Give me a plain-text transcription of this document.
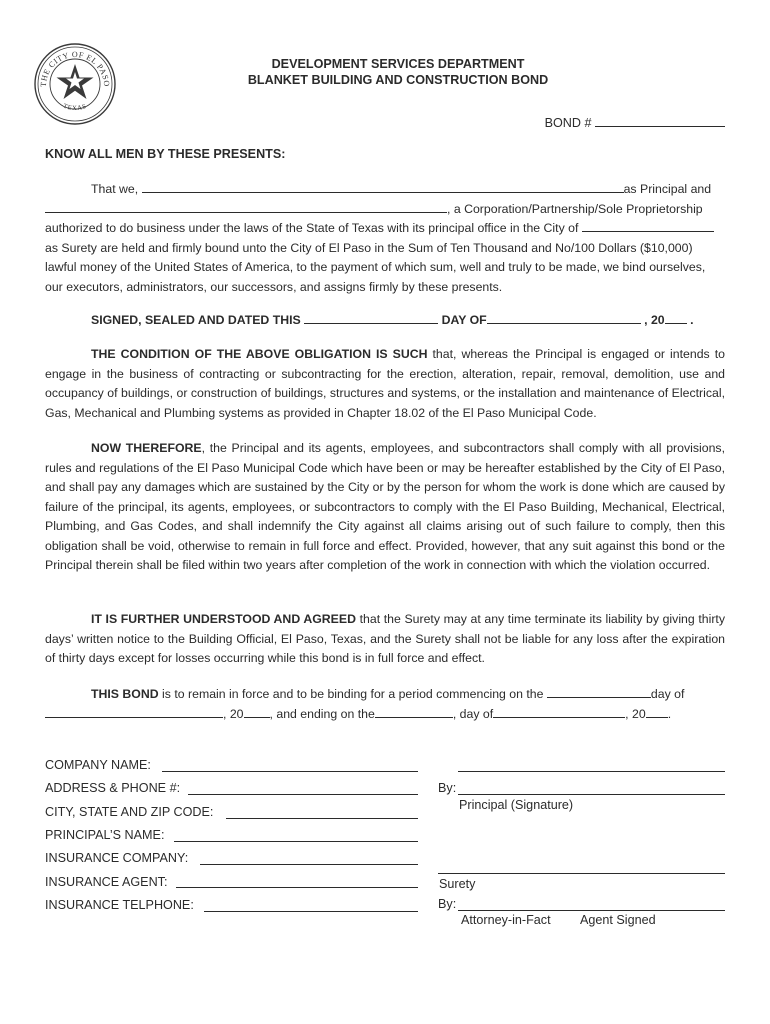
THE CITY OF EL PASO
TEXAS
DEVELOPMENT SERVICES DEPARTMENT
BLANKET BUILDING AND CONSTRUCTION BOND
BOND #
KNOW ALL MEN BY THESE PRESENTS:
That we,	as Principal and
, a Corporation/Partnership/Sole Proprietorship
authorized to do business under the laws of the State of Texas with its principal office in the City of
as Surety are held and firmly bound unto the City of El Paso in the Sum of Ten Thousand and No/100 Dollars ($10,000)
lawful money of the United States of America, to the payment of which sum, well and truly to be made, we bind ourselves,
our executors, administrators, our successors, and assigns firmly by these presents.
SIGNED, SEALED AND DATED THIS	DAY OF	, 20 .
THE CONDITION OF THE ABOVE OBLIGATION IS SUCH that, whereas the Principal is engaged or intends to engage in the business of contracting or subcontracting for the erection, alteration, repair, removal, demolition, use and occupancy of buildings, or construction of buildings, structures and systems, or the installation and maintenance of Electrical, Gas, Mechanical and Plumbing systems as provided in Chapter 18.02 of the El Paso Municipal Code.
NOW THEREFORE, the Principal and its agents, employees, and subcontractors shall comply with all provisions, rules and regulations of the El Paso Municipal Code which have been or may be hereafter established by the City of El Paso, and shall pay any damages which are sustained by the City or by the person for whom the work is done which are caused by failure of the principal, its agents, employees, or subcontractors to comply with the El Paso Building, Mechanical, Electrical, Plumbing, and Gas Codes, and shall indemnify the City against all claims arising out of such failure to comply, then this obligation shall be void, otherwise to remain in full force and effect. Provided, however, that any suit against this bond or the Principal therein shall be filed within two years after completion of the work in connection with which the violation occurred.
IT IS FURTHER UNDERSTOOD AND AGREED that the Surety may at any time terminate its liability by giving thirty days’ written notice to the Building Official, El Paso, Texas, and the Surety shall not be liable for any loss after the expiration of thirty days except for losses occurring while this bond is in full force and effect.
THIS BOND is to remain in force and to be binding for a period commencing on the	day of
, 20 , and ending on the	, day of	, 20 .
COMPANY NAME:
ADDRESS & PHONE #:
CITY, STATE AND ZIP CODE:
PRINCIPAL’S NAME:
INSURANCE COMPANY:
INSURANCE AGENT:
INSURANCE TELPHONE:
By:
Principal (Signature)
Surety
By:
Attorney-in-Fact Agent Signed
